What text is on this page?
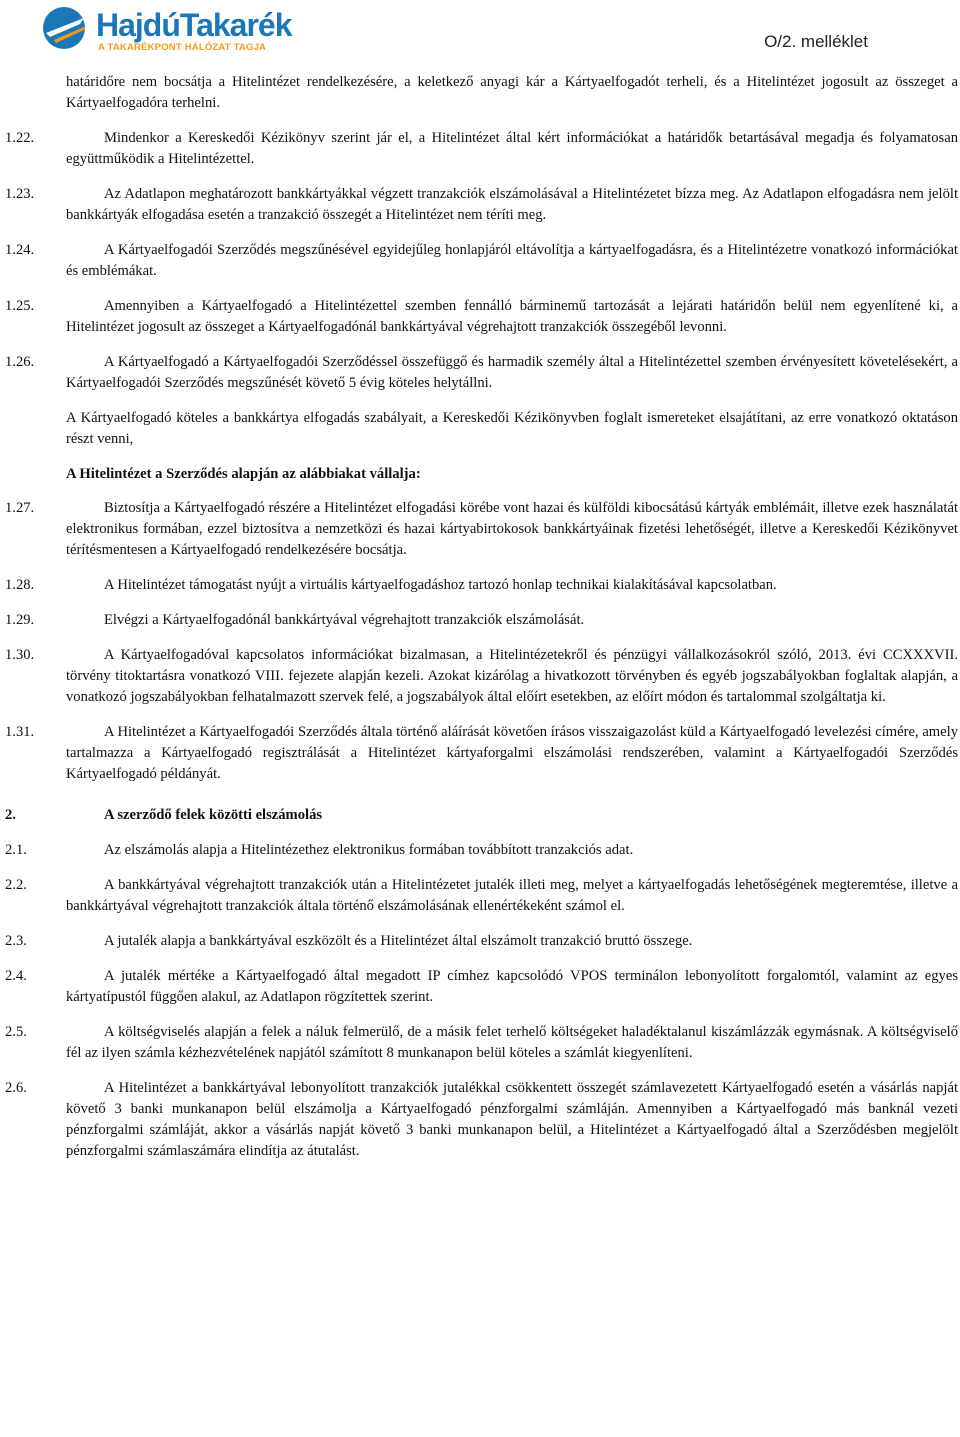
HajdúTakarék
A TAKARÉKPONT HÁLÓZAT TAGJA	O/2. melléklet
határidőre nem bocsátja a Hitelintézet rendelkezésére, a keletkező anyagi kár a Kártyaelfogadót terheli, és a Hitelintézet jogosult az összeget a Kártyaelfogadóra terhelni.
1.22.	Mindenkor a Kereskedői Kézikönyv szerint jár el, a Hitelintézet által kért információkat a határidők betartásával megadja és folyamatosan együttműködik a Hitelintézettel.
1.23.	Az Adatlapon meghatározott bankkártyákkal végzett tranzakciók elszámolásával a Hitelintézetet bízza meg. Az Adatlapon elfogadásra nem jelölt bankkártyák elfogadása esetén a tranzakció összegét a Hitelintézet nem téríti meg.
1.24.	A Kártyaelfogadói Szerződés megszűnésével egyidejűleg honlapjáról eltávolítja a kártyaelfogadásra, és a Hitelintézetre vonatkozó információkat és emblémákat.
1.25.	Amennyiben a Kártyaelfogadó a Hitelintézettel szemben fennálló bárminemű tartozását a lejárati határidőn belül nem egyenlítené ki, a Hitelintézet jogosult az összeget a Kártyaelfogadónál bankkártyával végrehajtott tranzakciók összegéből levonni.
1.26.	A Kártyaelfogadó a Kártyaelfogadói Szerződéssel összefüggő és harmadik személy által a Hitelintézettel szemben érvényesített követelésekért, a Kártyaelfogadói Szerződés megszűnését követő 5 évig köteles helytállni.
A Kártyaelfogadó köteles a bankkártya elfogadás szabályait, a Kereskedői Kézikönyvben foglalt ismereteket elsajátítani, az erre vonatkozó oktatáson részt venni,
A Hitelintézet a Szerződés alapján az alábbiakat vállalja:
1.27.	Biztosítja a Kártyaelfogadó részére a Hitelintézet elfogadási körébe vont hazai és külföldi kibocsátású kártyák emblémáit, illetve ezek használatát elektronikus formában, ezzel biztosítva a nemzetközi és hazai kártyabirtokosok bankkártyáinak fizetési lehetőségét, illetve a Kereskedői Kézikönyvet térítésmentesen a Kártyaelfogadó rendelkezésére bocsátja.
1.28.	A Hitelintézet támogatást nyújt a virtuális kártyaelfogadáshoz tartozó honlap technikai kialakításával kapcsolatban.
1.29.	Elvégzi a Kártyaelfogadónál bankkártyával végrehajtott tranzakciók elszámolását.
1.30.	A Kártyaelfogadóval kapcsolatos információkat bizalmasan, a Hitelintézetekről és pénzügyi vállalkozásokról szóló, 2013. évi CCXXXVII. törvény titoktartásra vonatkozó VIII. fejezete alapján kezeli. Azokat kizárólag a hivatkozott törvényben és egyéb jogszabályokban foglaltak alapján, a vonatkozó jogszabályokban felhatalmazott szervek felé, a jogszabályok által előírt esetekben, az előírt módon és tartalommal szolgáltatja ki.
1.31.	A Hitelintézet a Kártyaelfogadói Szerződés általa történő aláírását követően írásos visszaigazolást küld a Kártyaelfogadó levelezési címére, amely tartalmazza a Kártyaelfogadó regisztrálását a Hitelintézet kártyaforgalmi elszámolási rendszerében, valamint a Kártyaelfogadói Szerződés Kártyaelfogadó példányát.
2.	A szerződő felek közötti elszámolás
2.1.	Az elszámolás alapja a Hitelintézethez elektronikus formában továbbított tranzakciós adat.
2.2.	A bankkártyával végrehajtott tranzakciók után a Hitelintézetet jutalék illeti meg, melyet a kártyaelfogadás lehetőségének megteremtése, illetve a bankkártyával végrehajtott tranzakciók általa történő elszámolásának ellenértékeként számol el.
2.3.	A jutalék alapja a bankkártyával eszközölt és a Hitelintézet által elszámolt tranzakció bruttó összege.
2.4.	A jutalék mértéke a Kártyaelfogadó által megadott IP címhez kapcsolódó VPOS terminálon lebonyolított forgalomtól, valamint az egyes kártyatípustól függően alakul, az Adatlapon rögzítettek szerint.
2.5.	A költségviselés alapján a felek a náluk felmerülő, de a másik felet terhelő költségeket haladéktalanul kiszámlázzák egymásnak. A költségviselő fél az ilyen számla kézhezvételének napjától számított 8 munkanapon belül köteles a számlát kiegyenlíteni.
2.6.	A Hitelintézet a bankkártyával lebonyolított tranzakciók jutalékkal csökkentett összegét számlavezetett Kártyaelfogadó esetén a vásárlás napját követő 3 banki munkanapon belül elszámolja a Kártyaelfogadó pénzforgalmi számláján. Amennyiben a Kártyaelfogadó más banknál vezeti pénzforgalmi számláját, akkor a vásárlás napját követő 3 banki munkanapon belül, a Hitelintézet a Kártyaelfogadó által a Szerződésben megjelölt pénzforgalmi számlaszámára elindítja az átutalást.
